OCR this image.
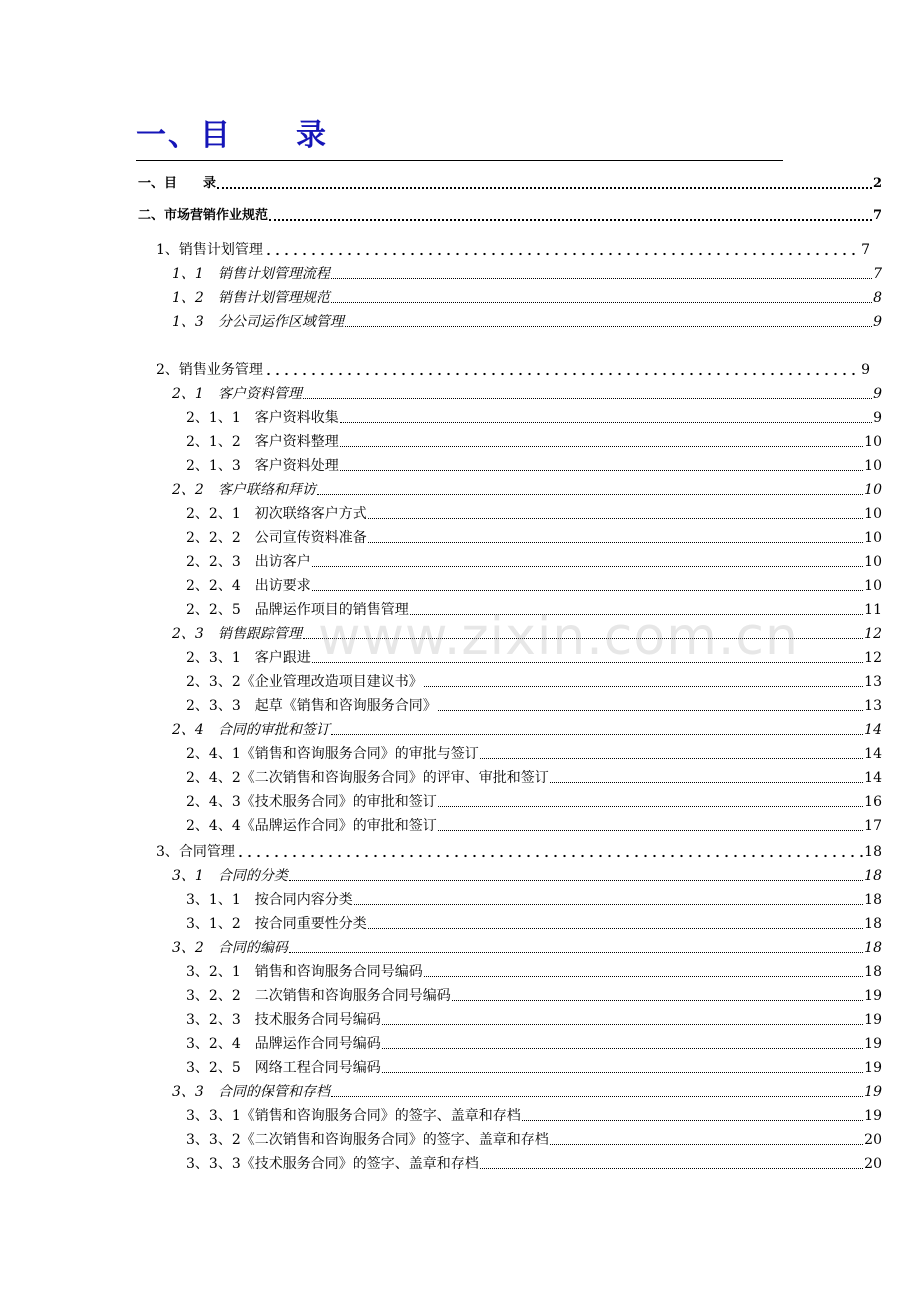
一、目　　录
一、目　　录	2
二、市场营销作业规范	7
1、销售计划管理	7
1、1　销售计划管理流程	7
1、2　销售计划管理规范	8
1、3　分公司运作区域管理	9
2、销售业务管理	9
2、1　客户资料管理	9
2、1、1　客户资料收集	9
2、1、2　客户资料整理	10
2、1、3　客户资料处理	10
2、2　客户联络和拜访	10
2、2、1　初次联络客户方式	10
2、2、2　公司宣传资料准备	10
2、2、3　出访客户	10
2、2、4　出访要求	10
2、2、5　品牌运作项目的销售管理	11
2、3　销售跟踪管理	12
2、3、1　客户跟进	12
2、3、2《企业管理改造项目建议书》	13
2、3、3　起草《销售和咨询服务合同》	13
2、4　合同的审批和签订	14
2、4、1《销售和咨询服务合同》的审批与签订	14
2、4、2《二次销售和咨询服务合同》的评审、审批和签订	14
2、4、3《技术服务合同》的审批和签订	16
2、4、4《品牌运作合同》的审批和签订	17
3、合同管理	18
3、1　合同的分类	18
3、1、1　按合同内容分类	18
3、1、2　按合同重要性分类	18
3、2　合同的编码	18
3、2、1　销售和咨询服务合同号编码	18
3、2、2　二次销售和咨询服务合同号编码	19
3、2、3　技术服务合同号编码	19
3、2、4　品牌运作合同号编码	19
3、2、5　网络工程合同号编码	19
3、3　合同的保管和存档	19
3、3、1《销售和咨询服务合同》的签字、盖章和存档	19
3、3、2《二次销售和咨询服务合同》的签字、盖章和存档	20
3、3、3《技术服务合同》的签字、盖章和存档	20
www.zixin.com.cn
